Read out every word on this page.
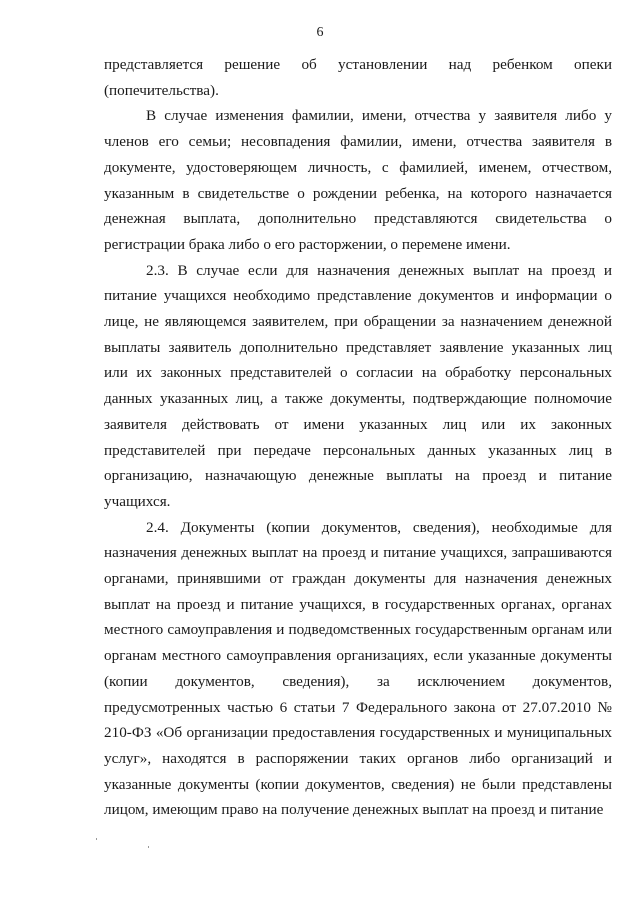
6

представляется решение об установлении над ребенком опеки (попечительства).

В случае изменения фамилии, имени, отчества у заявителя либо у членов его семьи; несовпадения фамилии, имени, отчества заявителя в документе, удостоверяющем личность, с фамилией, именем, отчеством, указанным в свидетельстве о рождении ребенка, на которого назначается денежная выплата, дополнительно представляются свидетельства о регистрации брака либо о его расторжении, о перемене имени.

2.3. В случае если для назначения денежных выплат на проезд и питание учащихся необходимо представление документов и информации о лице, не являющемся заявителем, при обращении за назначением денежной выплаты заявитель дополнительно представляет заявление указанных лиц или их законных представителей о согласии на обработку персональных данных указанных лиц, а также документы, подтверждающие полномочие заявителя действовать от имени указанных лиц или их законных представителей при передаче персональных данных указанных лиц в организацию, назначающую денежные выплаты на проезд и питание учащихся.

2.4. Документы (копии документов, сведения), необходимые для назначения денежных выплат на проезд и питание учащихся, запрашиваются органами, принявшими от граждан документы для назначения денежных выплат на проезд и питание учащихся, в государственных органах, органах местного самоуправления и подведомственных государственным органам или органам местного самоуправления организациях, если указанные документы (копии документов, сведения), за исключением документов, предусмотренных частью 6 статьи 7 Федерального закона от 27.07.2010 № 210-ФЗ «Об организации предоставления государственных и муниципальных услуг», находятся в распоряжении таких органов либо организаций и указанные документы (копии документов, сведения) не были представлены лицом, имеющим право на получение денежных выплат на проезд и питание
